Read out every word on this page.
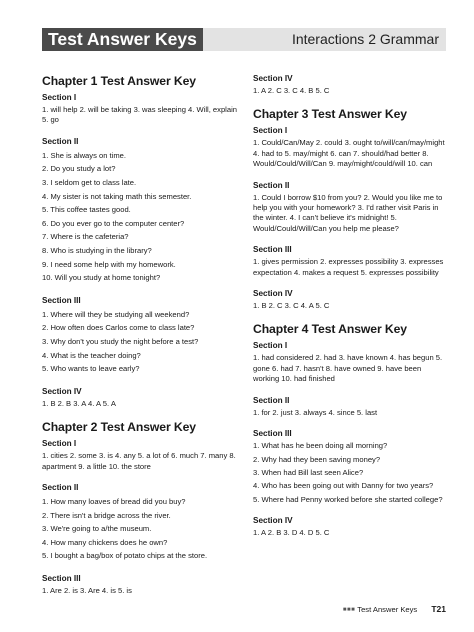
Test Answer Keys	Interactions 2 Grammar
Chapter 1 Test Answer Key
Section I
1. will help 2. will be taking 3. was sleeping 4. Will, explain 5. go
Section II
1. She is always on time.
2. Do you study a lot?
3. I seldom get to class late.
4. My sister is not taking math this semester.
5. This coffee tastes good.
6. Do you ever go to the computer center?
7. Where is the cafeteria?
8. Who is studying in the library?
9. I need some help with my homework.
10. Will you study at home tonight?
Section III
1. Where will they be studying all weekend?
2. How often does Carlos come to class late?
3. Why don't you study the night before a test?
4. What is the teacher doing?
5. Who wants to leave early?
Section IV
1. B 2. B 3. A 4. A 5. A
Chapter 2 Test Answer Key
Section I
1. cities 2. some 3. is 4. any 5. a lot of 6. much 7. many 8. apartment 9. a little 10. the store
Section II
1. How many loaves of bread did you buy?
2. There isn't a bridge across the river.
3. We're going to a/the museum.
4. How many chickens does he own?
5. I bought a bag/box of potato chips at the store.
Section III
1. Are 2. is 3. Are 4. is 5. is
Section IV
1. A 2. C 3. C 4. B 5. C
Chapter 3 Test Answer Key
Section I
1. Could/Can/May 2. could 3. ought to/will/can/may/might 4. had to 5. may/might 6. can 7. should/had better 8. Would/Could/Will/Can 9. may/might/could/will 10. can
Section II
1. Could I borrow $10 from you? 2. Would you like me to help you with your homework? 3. I'd rather visit Paris in the winter. 4. I can't believe it's midnight! 5. Would/Could/Will/Can you help me please?
Section III
1. gives permission 2. expresses possibility 3. expresses expectation 4. makes a request 5. expresses possibility
Section IV
1. B 2. C 3. C 4. A 5. C
Chapter 4 Test Answer Key
Section I
1. had considered 2. had 3. have known 4. has begun 5. gone 6. had 7. hasn't 8. have owned 9. have been working 10. had finished
Section II
1. for 2. just 3. always 4. since 5. last
Section III
1. What has he been doing all morning?
2. Why had they been saving money?
3. When had Bill last seen Alice?
4. Who has been going out with Danny for two years?
5. Where had Penny worked before she started college?
Section IV
1. A 2. B 3. D 4. D 5. C
■■■ Test Answer Keys T21
